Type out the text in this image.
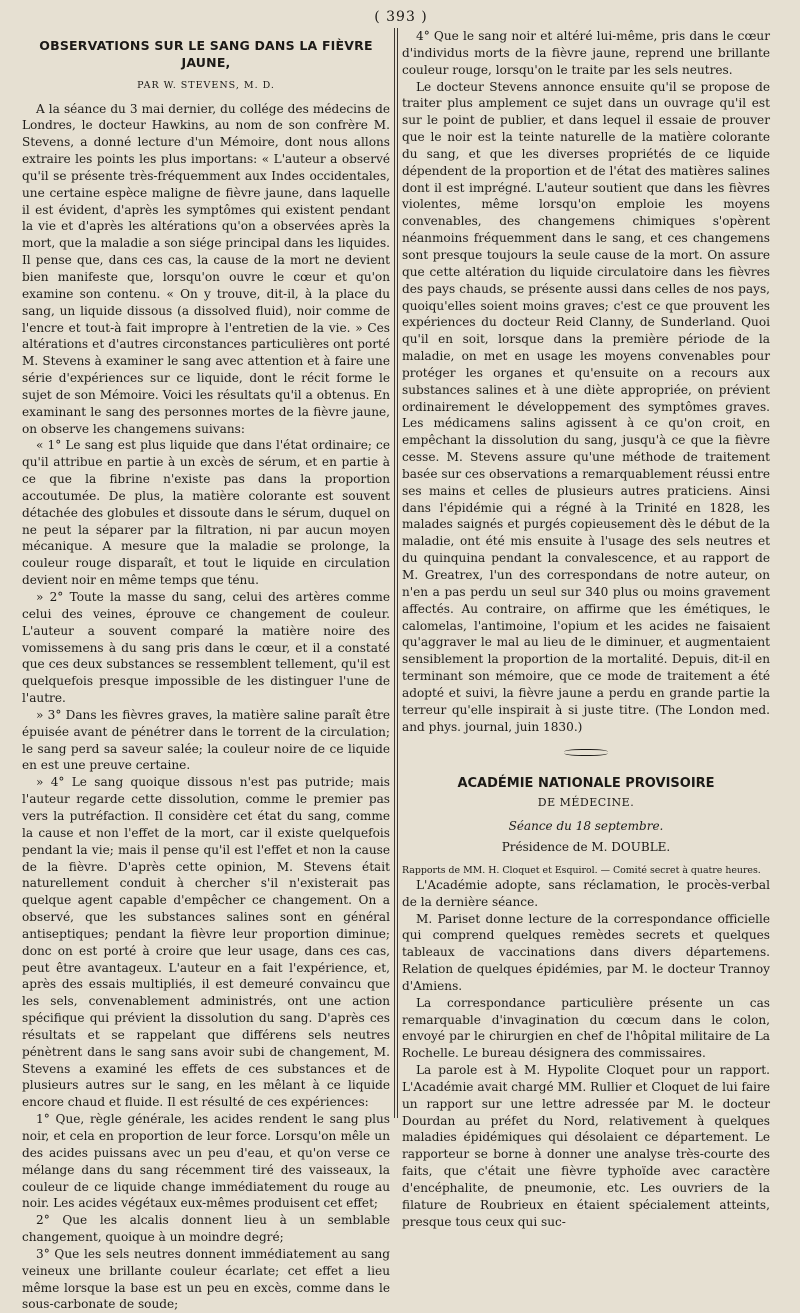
( 393 )
OBSERVATIONS SUR LE SANG DANS LA FIÈVRE JAUNE,
PAR W. STEVENS, M. D.

A la séance du 3 mai dernier, du collége des médecins de Londres, le docteur Hawkins, au nom de son confrère M. Stevens, a donné lecture d'un Mémoire, dont nous allons extraire les points les plus importans: « L'auteur a observé qu'il se présente très-fréquemment aux Indes occidentales, une certaine espèce maligne de fièvre jaune, dans laquelle il est évident, d'après les symptômes qui existent pendant la vie et d'après les altérations qu'on a observées après la mort, que la maladie a son siége principal dans les liquides. Il pense que, dans ces cas, la cause de la mort ne devient bien manifeste que, lorsqu'on ouvre le cœur et qu'on examine son contenu. « On y trouve, dit-il, à la place du sang, un liquide dissous (a dissolved fluid), noir comme de l'encre et tout-à fait impropre à l'entretien de la vie. » Ces altérations et d'autres circonstances particulières ont porté M. Stevens à examiner le sang avec attention et à faire une série d'expériences sur ce liquide, dont le récit forme le sujet de son Mémoire. Voici les résultats qu'il a obtenus. En examinant le sang des personnes mortes de la fièvre jaune, on observe les changemens suivans:

« 1° Le sang est plus liquide que dans l'état ordinaire; ce qu'il attribue en partie à un excès de sérum, et en partie à ce que la fibrine n'existe pas dans la proportion accoutumée. De plus, la matière colorante est souvent détachée des globules et dissoute dans le sérum, duquel on ne peut la séparer par la filtration, ni par aucun moyen mécanique. A mesure que la maladie se prolonge, la couleur rouge disparaît, et tout le liquide en circulation devient noir en même temps que ténu.

» 2° Toute la masse du sang, celui des artères comme celui des veines, éprouve ce changement de couleur. L'auteur a souvent comparé la matière noire des vomissemens à du sang pris dans le cœur, et il a constaté que ces deux substances se ressemblent tellement, qu'il est quelquefois presque impossible de les distinguer l'une de l'autre.

» 3° Dans les fièvres graves, la matière saline paraît être épuisée avant de pénétrer dans le torrent de la circulation; le sang perd sa saveur salée; la couleur noire de ce liquide en est une preuve certaine.

» 4° Le sang quoique dissous n'est pas putride; mais l'auteur regarde cette dissolution, comme le premier pas vers la putréfaction. Il considère cet état du sang, comme la cause et non l'effet de la mort, car il existe quelquefois pendant la vie; mais il pense qu'il est l'effet et non la cause de la fièvre. D'après cette opinion, M. Stevens était naturellement conduit à chercher s'il n'existerait pas quelque agent capable d'empêcher ce changement. On a observé, que les substances salines sont en général antiseptiques; pendant la fièvre leur proportion diminue; donc on est porté à croire que leur usage, dans ces cas, peut être avantageux. L'auteur en a fait l'expérience, et, après des essais multipliés, il est demeuré convaincu que les sels, convenablement administrés, ont une action spécifique qui prévient la dissolution du sang. D'après ces résultats et se rappelant que différens sels neutres pénètrent dans le sang sans avoir subi de changement, M. Stevens a examiné les effets de ces substances et de plusieurs autres sur le sang, en les mêlant à ce liquide encore chaud et fluide. Il est résulté de ces expériences:

1° Que, règle générale, les acides rendent le sang plus noir, et cela en proportion de leur force. Lorsqu'on mêle un des acides puissans avec un peu d'eau, et qu'on verse ce mélange dans du sang récemment tiré des vaisseaux, la couleur de ce liquide change immédiatement du rouge au noir. Les acides végétaux eux-mêmes produisent cet effet;

2° Que les alcalis donnent lieu à un semblable changement, quoique à un moindre degré;

3° Que les sels neutres donnent immédiatement au sang veineux une brillante couleur écarlate; cet effet a lieu même lorsque la base est un peu en excès, comme dans le sous-carbonate de soude;

4° Que le sang noir et altéré lui-même, pris dans le cœur d'individus morts de la fièvre jaune, reprend une brillante couleur rouge, lorsqu'on le traite par les sels neutres.

Le docteur Stevens annonce ensuite qu'il se propose de traiter plus amplement ce sujet dans un ouvrage qu'il est sur le point de publier, et dans lequel il essaie de prouver que le noir est la teinte naturelle de la matière colorante du sang, et que les diverses propriétés de ce liquide dépendent de la proportion et de l'état des matières salines dont il est imprégné. L'auteur soutient que dans les fièvres violentes, même lorsqu'on emploie les moyens convenables, des changemens chimiques s'opèrent néanmoins fréquemment dans le sang, et ces changemens sont presque toujours la seule cause de la mort. On assure que cette altération du liquide circulatoire dans les fièvres des pays chauds, se présente aussi dans celles de nos pays, quoiqu'elles soient moins graves; c'est ce que prouvent les expériences du docteur Reid Clanny, de Sunderland. Quoi qu'il en soit, lorsque dans la première période de la maladie, on met en usage les moyens convenables pour protéger les organes et qu'ensuite on a recours aux substances salines et à une diète appropriée, on prévient ordinairement le développement des symptômes graves. Les médicamens salins agissent à ce qu'on croit, en empêchant la dissolution du sang, jusqu'à ce que la fièvre cesse. M. Stevens assure qu'une méthode de traitement basée sur ces observations a remarquablement réussi entre ses mains et celles de plusieurs autres praticiens. Ainsi dans l'épidémie qui a régné à la Trinité en 1828, les malades saignés et purgés copieusement dès le début de la maladie, ont été mis ensuite à l'usage des sels neutres et du quinquina pendant la convalescence, et au rapport de M. Greatrex, l'un des correspondans de notre auteur, on n'en a pas perdu un seul sur 340 plus ou moins gravement affectés. Au contraire, on affirme que les émétiques, le calomelas, l'antimoine, l'opium et les acides ne faisaient qu'aggraver le mal au lieu de le diminuer, et augmentaient sensiblement la proportion de la mortalité. Depuis, dit-il en terminant son mémoire, que ce mode de traitement a été adopté et suivi, la fièvre jaune a perdu en grande partie la terreur qu'elle inspirait à si juste titre. (The London med. and phys. journal, juin 1830.)

ACADÉMIE NATIONALE PROVISOIRE
DE MÉDECINE.
Séance du 18 septembre.
Présidence de M. DOUBLE.

Rapports de MM. H. Cloquet et Esquirol. — Comité secret à quatre heures.

L'Académie adopte, sans réclamation, le procès-verbal de la dernière séance.

M. Pariset donne lecture de la correspondance officielle qui comprend quelques remèdes secrets et quelques tableaux de vaccinations dans divers départemens. Relation de quelques épidémies, par M. le docteur Trannoy d'Amiens.

La correspondance particulière présente un cas remarquable d'invagination du cœcum dans le colon, envoyé par le chirurgien en chef de l'hôpital militaire de La Rochelle. Le bureau désignera des commissaires.

La parole est à M. Hypolite Cloquet pour un rapport. L'Académie avait chargé MM. Rullier et Cloquet de lui faire un rapport sur une lettre adressée par M. le docteur Dourdan au préfet du Nord, relativement à quelques maladies épidémiques qui désolaient ce département. Le rapporteur se borne à donner une analyse très-courte des faits, que c'était une fièvre typhoïde avec caractère d'encéphalite, de pneumonie, etc. Les ouvriers de la filature de Roubrieux en étaient spécialement atteints, presque tous ceux qui suc-
